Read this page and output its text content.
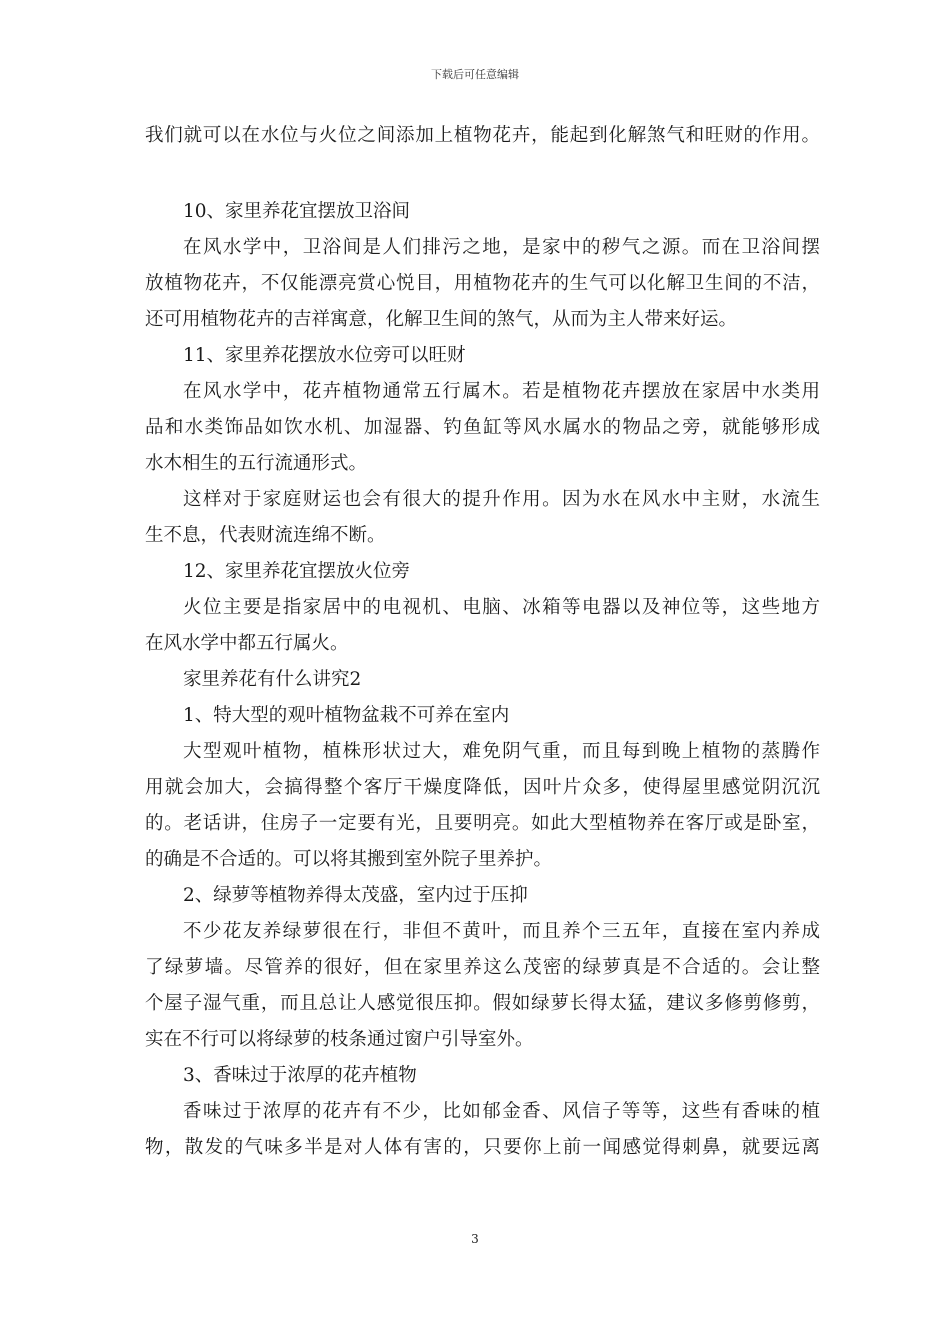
下载后可任意编辑
我们就可以在水位与火位之间添加上植物花卉，能起到化解煞气和旺财的作用。
10、家里养花宜摆放卫浴间
在风水学中，卫浴间是人们排污之地，是家中的秽气之源。而在卫浴间摆
放植物花卉，不仅能漂亮赏心悦目，用植物花卉的生气可以化解卫生间的不洁，
还可用植物花卉的吉祥寓意，化解卫生间的煞气，从而为主人带来好运。
11、家里养花摆放水位旁可以旺财
在风水学中，花卉植物通常五行属木。若是植物花卉摆放在家居中水类用
品和水类饰品如饮水机、加湿器、钓鱼缸等风水属水的物品之旁，就能够形成
水木相生的五行流通形式。
这样对于家庭财运也会有很大的提升作用。因为水在风水中主财，水流生
生不息，代表财流连绵不断。
12、家里养花宜摆放火位旁
火位主要是指家居中的电视机、电脑、冰箱等电器以及神位等，这些地方
在风水学中都五行属火。
家里养花有什么讲究2
1、特大型的观叶植物盆栽不可养在室内
大型观叶植物，植株形状过大，难免阴气重，而且每到晚上植物的蒸腾作
用就会加大，会搞得整个客厅干燥度降低，因叶片众多，使得屋里感觉阴沉沉
的。老话讲，住房子一定要有光，且要明亮。如此大型植物养在客厅或是卧室，
的确是不合适的。可以将其搬到室外院子里养护。
2、绿萝等植物养得太茂盛，室内过于压抑
不少花友养绿萝很在行，非但不黄叶，而且养个三五年，直接在室内养成
了绿萝墙。尽管养的很好，但在家里养这么茂密的绿萝真是不合适的。会让整
个屋子湿气重，而且总让人感觉很压抑。假如绿萝长得太猛，建议多修剪修剪，
实在不行可以将绿萝的枝条通过窗户引导室外。
3、香味过于浓厚的花卉植物
香味过于浓厚的花卉有不少，比如郁金香、风信子等等，这些有香味的植
物，散发的气味多半是对人体有害的，只要你上前一闻感觉得刺鼻，就要远离
3
